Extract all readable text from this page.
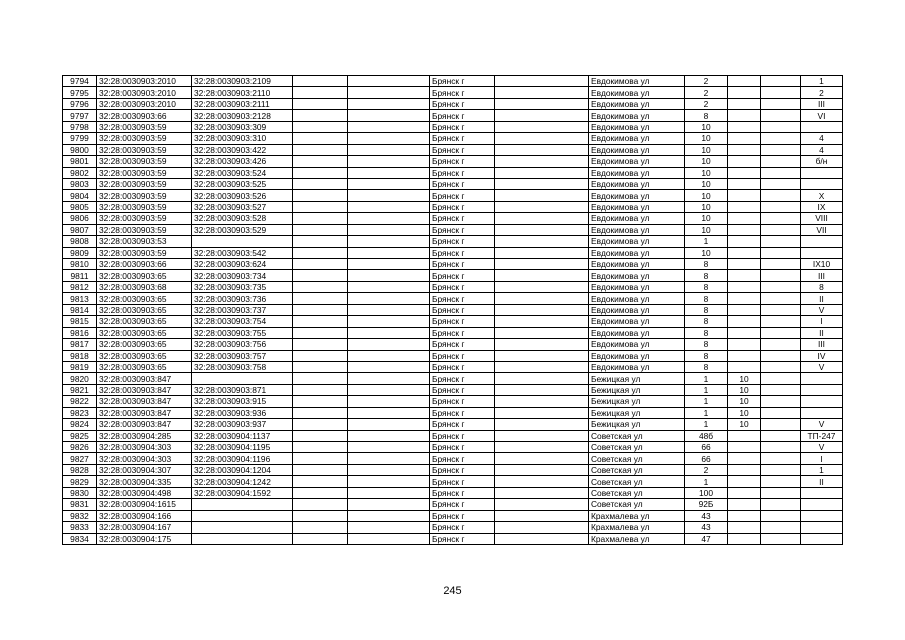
9794	32:28:0030903:2010	32:28:0030903:2109			Брянск г		Евдокимова ул	2			1
9795	32:28:0030903:2010	32:28:0030903:2110			Брянск г		Евдокимова ул	2			2
9796	32:28:0030903:2010	32:28:0030903:2111			Брянск г		Евдокимова ул	2			III
9797	32:28:0030903:66	32:28:0030903:2128			Брянск г		Евдокимова ул	8			VI
9798	32:28:0030903:59	32:28:0030903:309			Брянск г		Евдокимова ул	10			
9799	32:28:0030903:59	32:28:0030903:310			Брянск г		Евдокимова ул	10			4
9800	32:28:0030903:59	32:28:0030903:422			Брянск г		Евдокимова ул	10			4
9801	32:28:0030903:59	32:28:0030903:426			Брянск г		Евдокимова ул	10			б/н
9802	32:28:0030903:59	32:28:0030903:524			Брянск г		Евдокимова ул	10			
9803	32:28:0030903:59	32:28:0030903:525			Брянск г		Евдокимова ул	10			
9804	32:28:0030903:59	32:28:0030903:526			Брянск г		Евдокимова ул	10			X
9805	32:28:0030903:59	32:28:0030903:527			Брянск г		Евдокимова ул	10			IX
9806	32:28:0030903:59	32:28:0030903:528			Брянск г		Евдокимова ул	10			VIII
9807	32:28:0030903:59	32:28:0030903:529			Брянск г		Евдокимова ул	10			VII
9808	32:28:0030903:53				Брянск г		Евдокимова ул	1			
9809	32:28:0030903:59	32:28:0030903:542			Брянск г		Евдокимова ул	10			
9810	32:28:0030903:66	32:28:0030903:624			Брянск г		Евдокимова ул	8			IX10
9811	32:28:0030903:65	32:28:0030903:734			Брянск г		Евдокимова ул	8			III
9812	32:28:0030903:68	32:28:0030903:735			Брянск г		Евдокимова ул	8			8
9813	32:28:0030903:65	32:28:0030903:736			Брянск г		Евдокимова ул	8			II
9814	32:28:0030903:65	32:28:0030903:737			Брянск г		Евдокимова ул	8			V
9815	32:28:0030903:65	32:28:0030903:754			Брянск г		Евдокимова ул	8			I
9816	32:28:0030903:65	32:28:0030903:755			Брянск г		Евдокимова ул	8			II
9817	32:28:0030903:65	32:28:0030903:756			Брянск г		Евдокимова ул	8			III
9818	32:28:0030903:65	32:28:0030903:757			Брянск г		Евдокимова ул	8			IV
9819	32:28:0030903:65	32:28:0030903:758			Брянск г		Евдокимова ул	8			V
9820	32:28:0030903:847				Брянск г		Бежицкая ул	1	10		
9821	32:28:0030903:847	32:28:0030903:871			Брянск г		Бежицкая ул	1	10		
9822	32:28:0030903:847	32:28:0030903:915			Брянск г		Бежицкая ул	1	10		
9823	32:28:0030903:847	32:28:0030903:936			Брянск г		Бежицкая ул	1	10		
9824	32:28:0030903:847	32:28:0030903:937			Брянск г		Бежицкая ул	1	10		V
9825	32:28:0030904:285	32:28:0030904:1137			Брянск г		Советская ул	48б			ТП-247
9826	32:28:0030904:303	32:28:0030904:1195			Брянск г		Советская ул	66			V
9827	32:28:0030904:303	32:28:0030904:1196			Брянск г		Советская ул	66			I
9828	32:28:0030904:307	32:28:0030904:1204			Брянск г		Советская ул	2			1
9829	32:28:0030904:335	32:28:0030904:1242			Брянск г		Советская ул	1			II
9830	32:28:0030904:498	32:28:0030904:1592			Брянск г		Советская ул	100			
9831	32:28:0030904:1615				Брянск г		Советская ул	92Б			
9832	32:28:0030904:166				Брянск г		Крахмалева ул	43			
9833	32:28:0030904:167				Брянск г		Крахмалева ул	43			
9834	32:28:0030904:175				Брянск г		Крахмалева ул	47			
245
